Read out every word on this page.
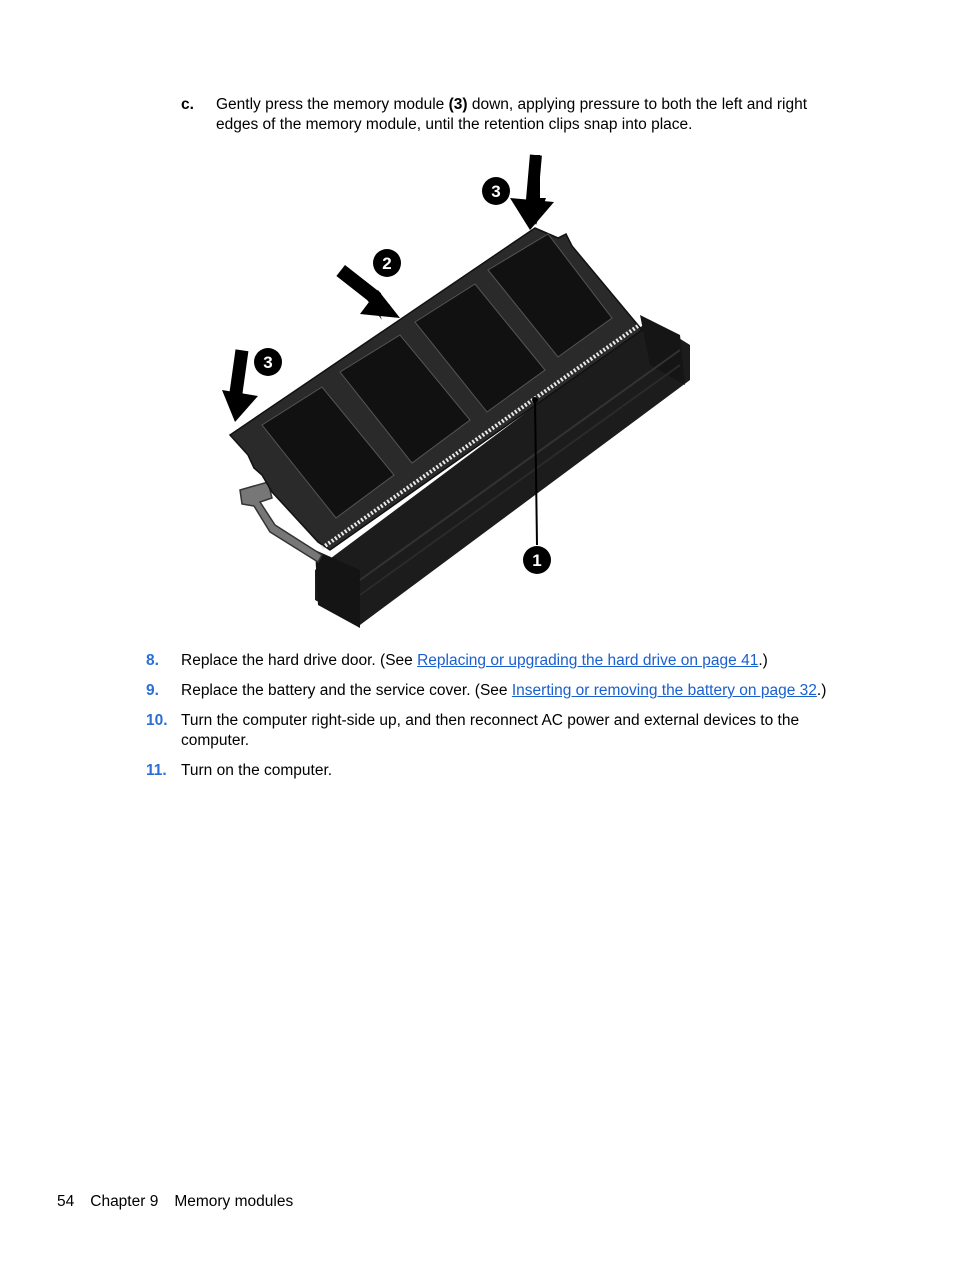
c. Gently press the memory module (3) down, applying pressure to both the left and right edges of the memory module, until the retention clips snap into place.
1
2
3
3
8. Replace the hard drive door. (See Replacing or upgrading the hard drive on page 41.)
9. Replace the battery and the service cover. (See Inserting or removing the battery on page 32.)
10. Turn the computer right-side up, and then reconnect AC power and external devices to the computer.
11. Turn on the computer.
54 Chapter 9 Memory modules
